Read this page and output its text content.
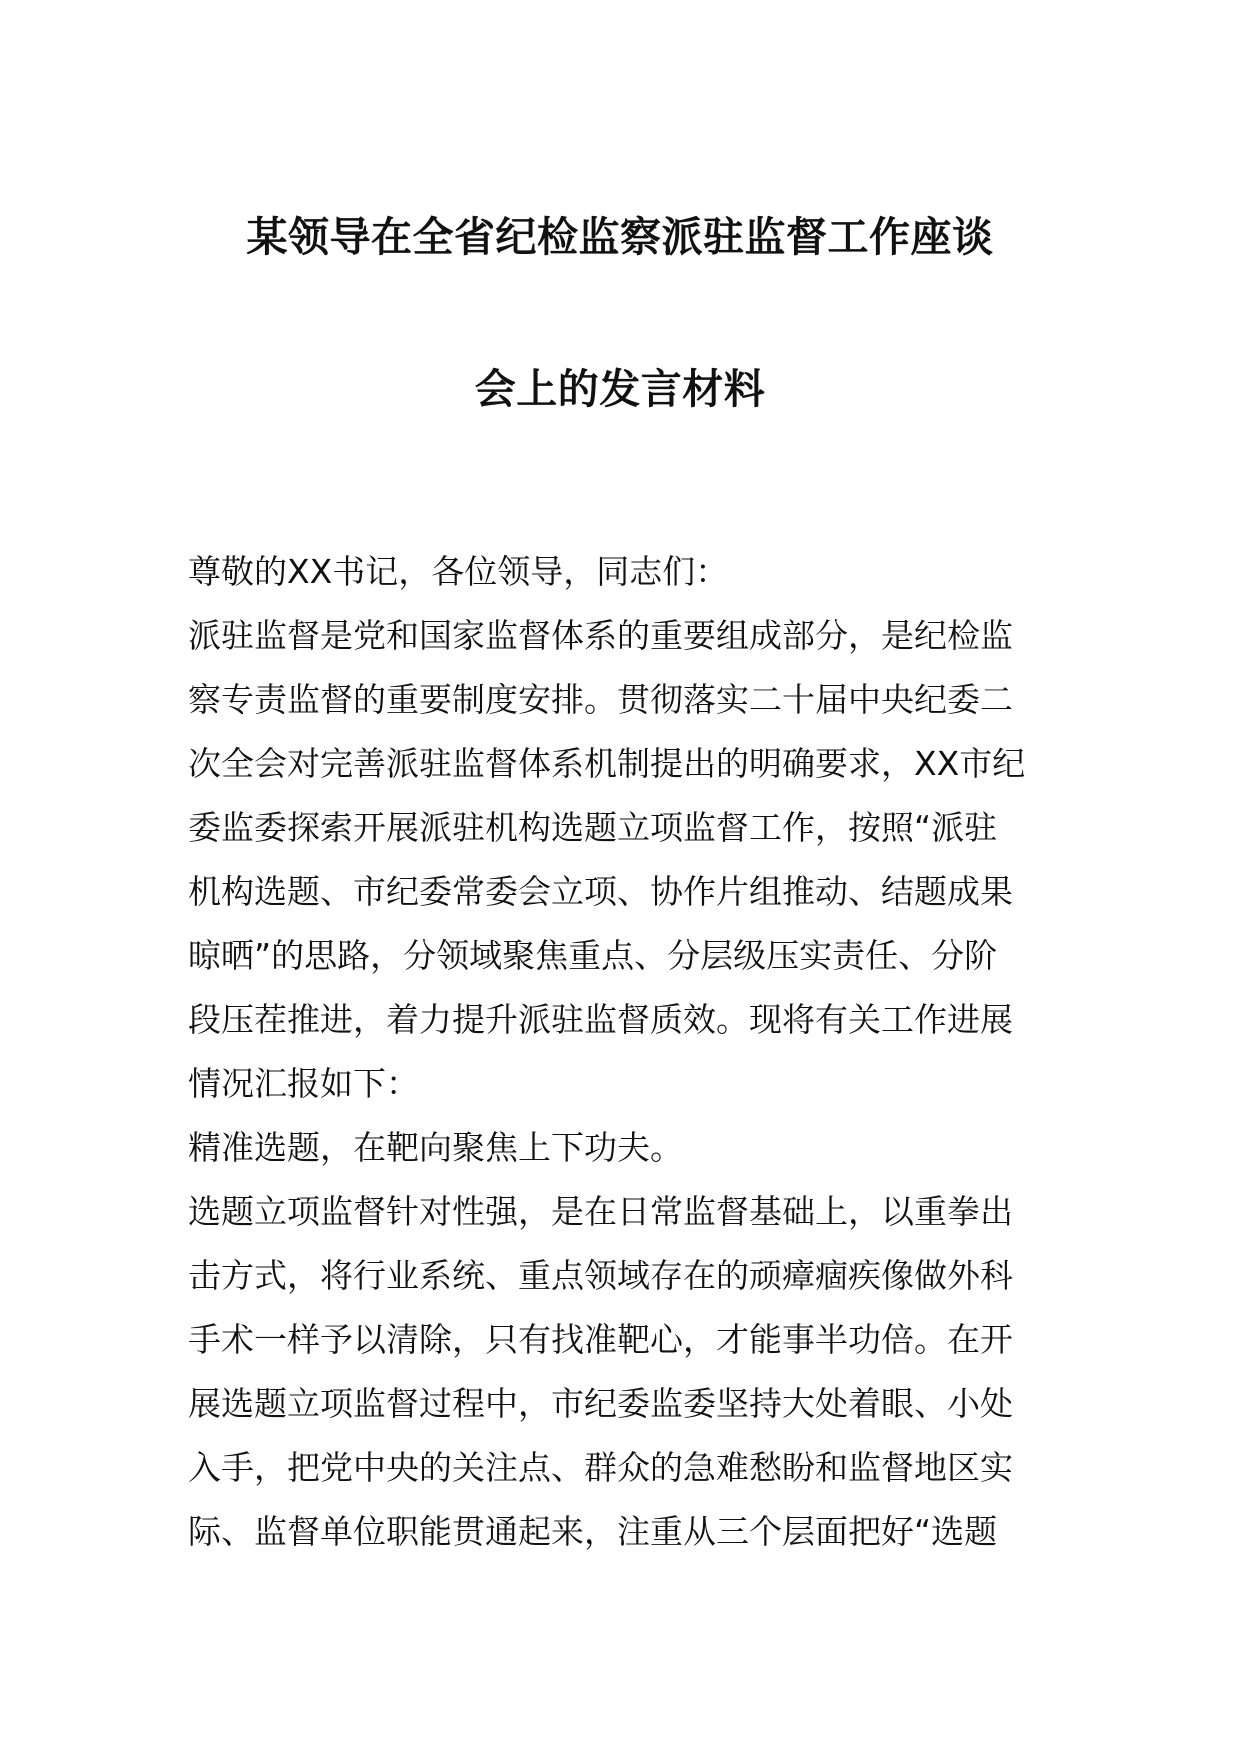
某领导在全省纪检监察派驻监督工作座谈
会上的发言材料
尊敬的XX书记，各位领导，同志们：
派驻监督是党和国家监督体系的重要组成部分，是纪检监
察专责监督的重要制度安排。贯彻落实二十届中央纪委二
次全会对完善派驻监督体系机制提出的明确要求，XX市纪
委监委探索开展派驻机构选题立项监督工作，按照“派驻
机构选题、市纪委常委会立项、协作片组推动、结题成果
晾晒”的思路，分领域聚焦重点、分层级压实责任、分阶
段压茬推进，着力提升派驻监督质效。现将有关工作进展
情况汇报如下：
精准选题，在靶向聚焦上下功夫。
选题立项监督针对性强，是在日常监督基础上，以重拳出
击方式，将行业系统、重点领域存在的顽瘴痼疾像做外科
手术一样予以清除，只有找准靶心，才能事半功倍。在开
展选题立项监督过程中，市纪委监委坚持大处着眼、小处
入手，把党中央的关注点、群众的急难愁盼和监督地区实
际、监督单位职能贯通起来，注重从三个层面把好“选题
